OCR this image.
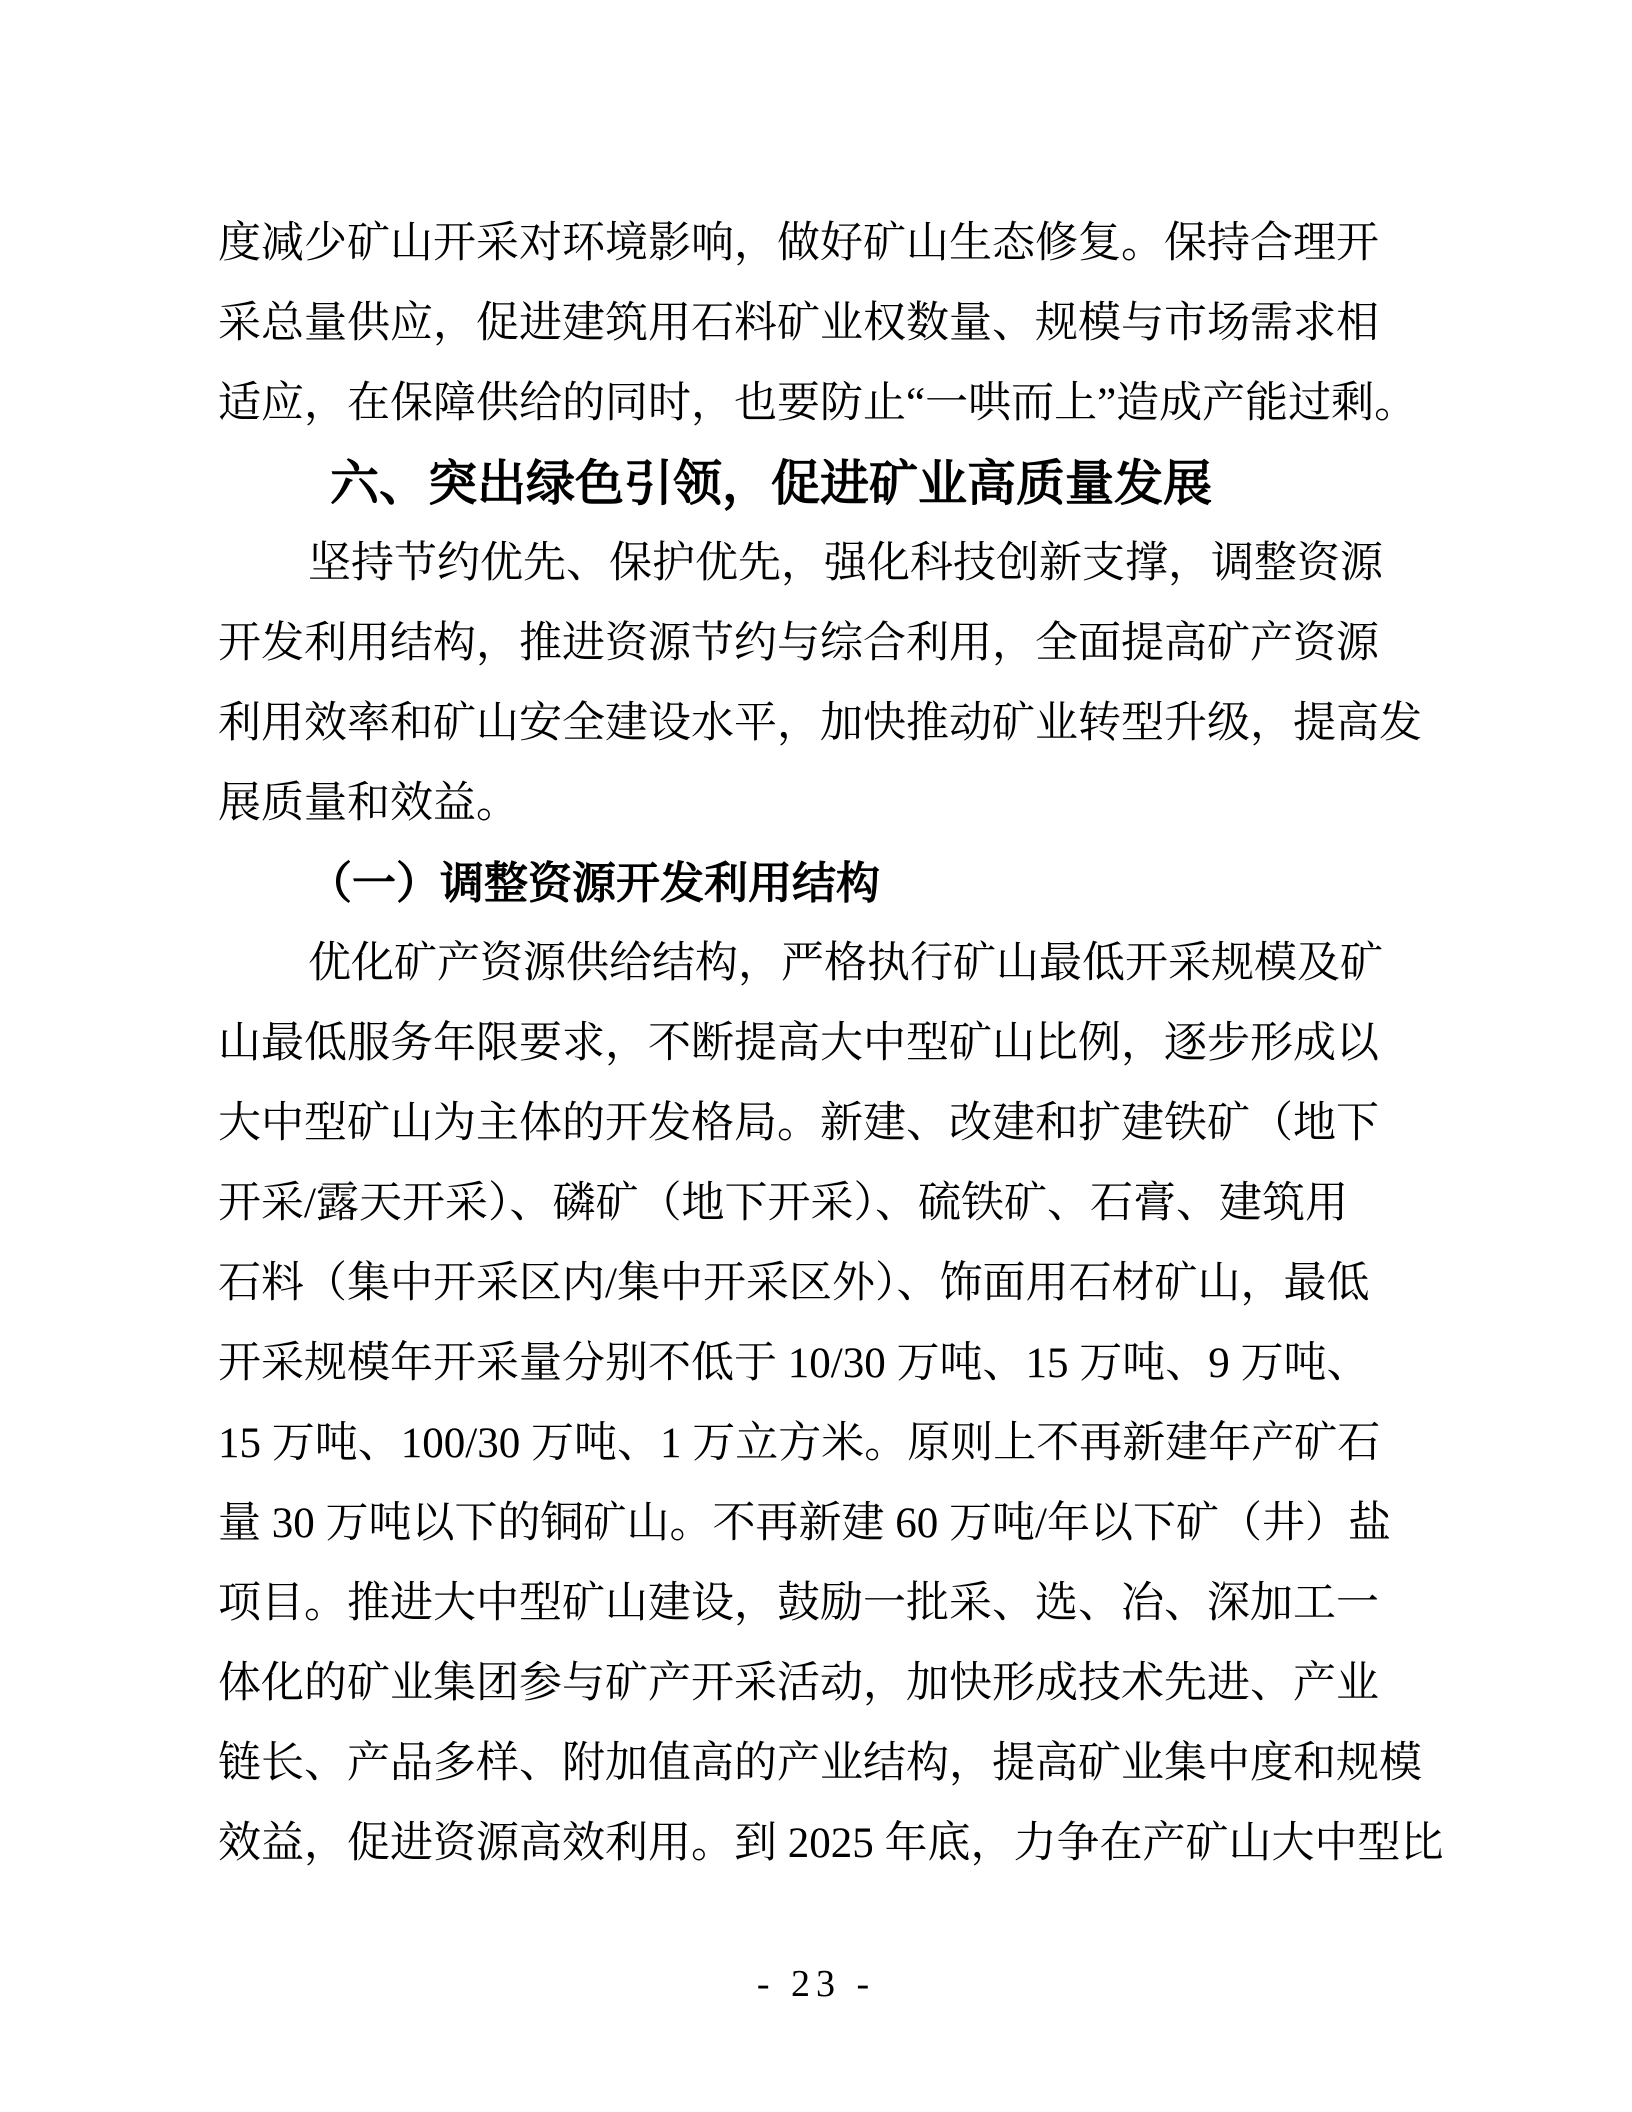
度减少矿山开采对环境影响，做好矿山生态修复。保持合理开

采总量供应，促进建筑用石料矿业权数量、规模与市场需求相

适应，在保障供给的同时，也要防止“一哄而上”造成产能过剩。

六、突出绿色引领，促进矿业高质量发展

坚持节约优先、保护优先，强化科技创新支撑，调整资源

开发利用结构，推进资源节约与综合利用，全面提高矿产资源

利用效率和矿山安全建设水平，加快推动矿业转型升级，提高发

展质量和效益。

（一）调整资源开发利用结构

优化矿产资源供给结构，严格执行矿山最低开采规模及矿

山最低服务年限要求，不断提高大中型矿山比例，逐步形成以

大中型矿山为主体的开发格局。新建、改建和扩建铁矿（地下

开采/露天开采）、磷矿（地下开采）、硫铁矿、石膏、建筑用

石料（集中开采区内/集中开采区外）、饰面用石材矿山，最低

开采规模年开采量分别不低于 10/30 万吨、15 万吨、9 万吨、

15 万吨、100/30 万吨、1 万立方米。原则上不再新建年产矿石

量 30 万吨以下的铜矿山。不再新建 60 万吨/年以下矿（井）盐

项目。推进大中型矿山建设，鼓励一批采、选、冶、深加工一

体化的矿业集团参与矿产开采活动，加快形成技术先进、产业

链长、产品多样、附加值高的产业结构，提高矿业集中度和规模

效益，促进资源高效利用。到 2025 年底，力争在产矿山大中型比

- 23 -
